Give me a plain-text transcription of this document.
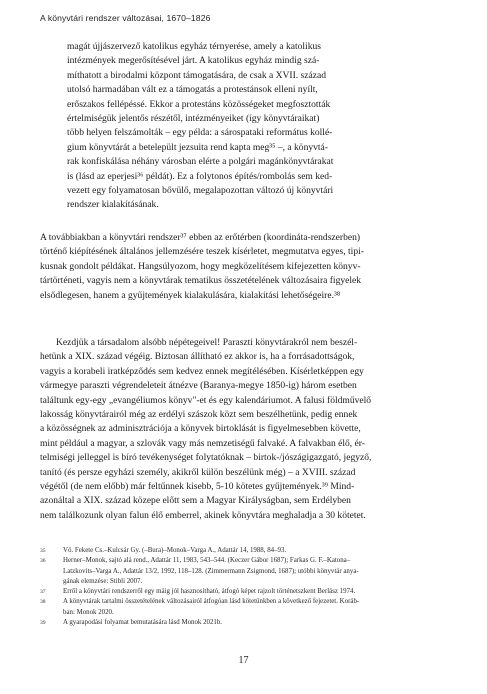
A könyvtári rendszer változásai, 1670–1826
magát újjászervező katolikus egyház térnyerése, amely a katolikus
intézmények megerősítésével járt. A katolikus egyház mindig szá-
míthatott a birodalmi központ támogatására, de csak a XVII. század
utolsó harmadában vált ez a támogatás a protestánsok elleni nyílt,
erőszakos fellépéssé. Ekkor a protestáns közösségeket megfosztották
értelmiségük jelentős részétől, intézményeiket (így könyvtáraikat)
több helyen felszámolták – egy példa: a sárospataki református kollé-
gium könyvtárát a betelepült jezsuita rend kapta meg³⁵ –, a könyvtá-
rak konfiskálása néhány városban elérte a polgári magánkönyvtárakat
is (lásd az eperjesi³⁶ példát). Ez a folytonos építés/rombolás sem ked-
vezett egy folyamatosan bővülő, megalapozottan változó új könyvtári
rendszer kialakításának.
A továbbiakban a könyvtári rendszer³⁷ ebben az erőtérben (koordináta-rendszerben)
történő kiépítésének általános jellemzésére teszek kísérletet, megmutatva egyes, tipi-
kusnak gondolt példákat. Hangsúlyozom, hogy megközelítésem kifejezetten könyv-
tártörténeti, vagyis nem a könyvtárak tematikus összetételének változásaira figyelek
elsődlegesen, hanem a gyűjtemények kialakulására, kialakítási lehetőségeire.³⁸
Kezdjük a társadalom alsóbb népétegeivel! Paraszti könyvtárakról nem beszél-
hetünk a XIX. század végéig. Biztosan állítható ez akkor is, ha a forrásadottságok,
vagyis a korabeli iratképződés sem kedvez ennek megítélésében. Kísérletképpen egy
vármegye paraszti végrendeleteit átnézve (Baranya-megye 1850-ig) három esetben
találtunk egy-egy „evangéliumos könyv"-et és egy kalendáriumot. A falusi földművelő
lakosság könyvtárairól még az erdélyi szászok közt sem beszélhetünk, pedig ennek
a közösségnek az adminisztrációja a könyvek birtoklását is figyelmesebben követte,
mint például a magyar, a szlovák vagy más nemzetiségű falvaké. A falvakban élő, ér-
telmiségi jelleggel is bíró tevékenységet folytatóknak – birtok-/jószágigazgató, jegyző,
tanító (és persze egyházi személy, akikről külön beszélünk még) – a XVIII. század
végétől (de nem előbb) már feltűnnek kisebb, 5-10 kötetes gyűjtemények.³⁹ Mind-
azonáltal a XIX. század közepe előtt sem a Magyar Királyságban, sem Erdélyben
nem találkozunk olyan falun élő emberrel, akinek könyvtára meghaladja a 30 kötetet.
35	Vö. Fekete Cs.–Kulcsár Gy. (–Bura)–Monok–Varga A., Adattár 14, 1988, 84–93.
36	Herner–Monok, sajtó alá rend., Adattár 11, 1983, 543–544. (Keczer Gábor 1687); Farkas G. F.–Katona–
Latzkovits–Varga A., Adattár 13/2, 1992, 118–128. (Zimmermann Zsigmond, 1687); utóbbi könyvtár anya-
gának elemzése: Stibli 2007.
37	Erről a könyvtári rendszerről egy máig jól hasznosítható, átfogó képet rajzolt történetszkent Berlász 1974.
38	A könyvtárak tartalmi összetételének változásairól átfogóan lásd kötetünkben a következő fejezetet. Koráb-
ban: Monok 2020.
39	A gyarapodási folyamat bemutatására lásd Monok 2021b.
17
